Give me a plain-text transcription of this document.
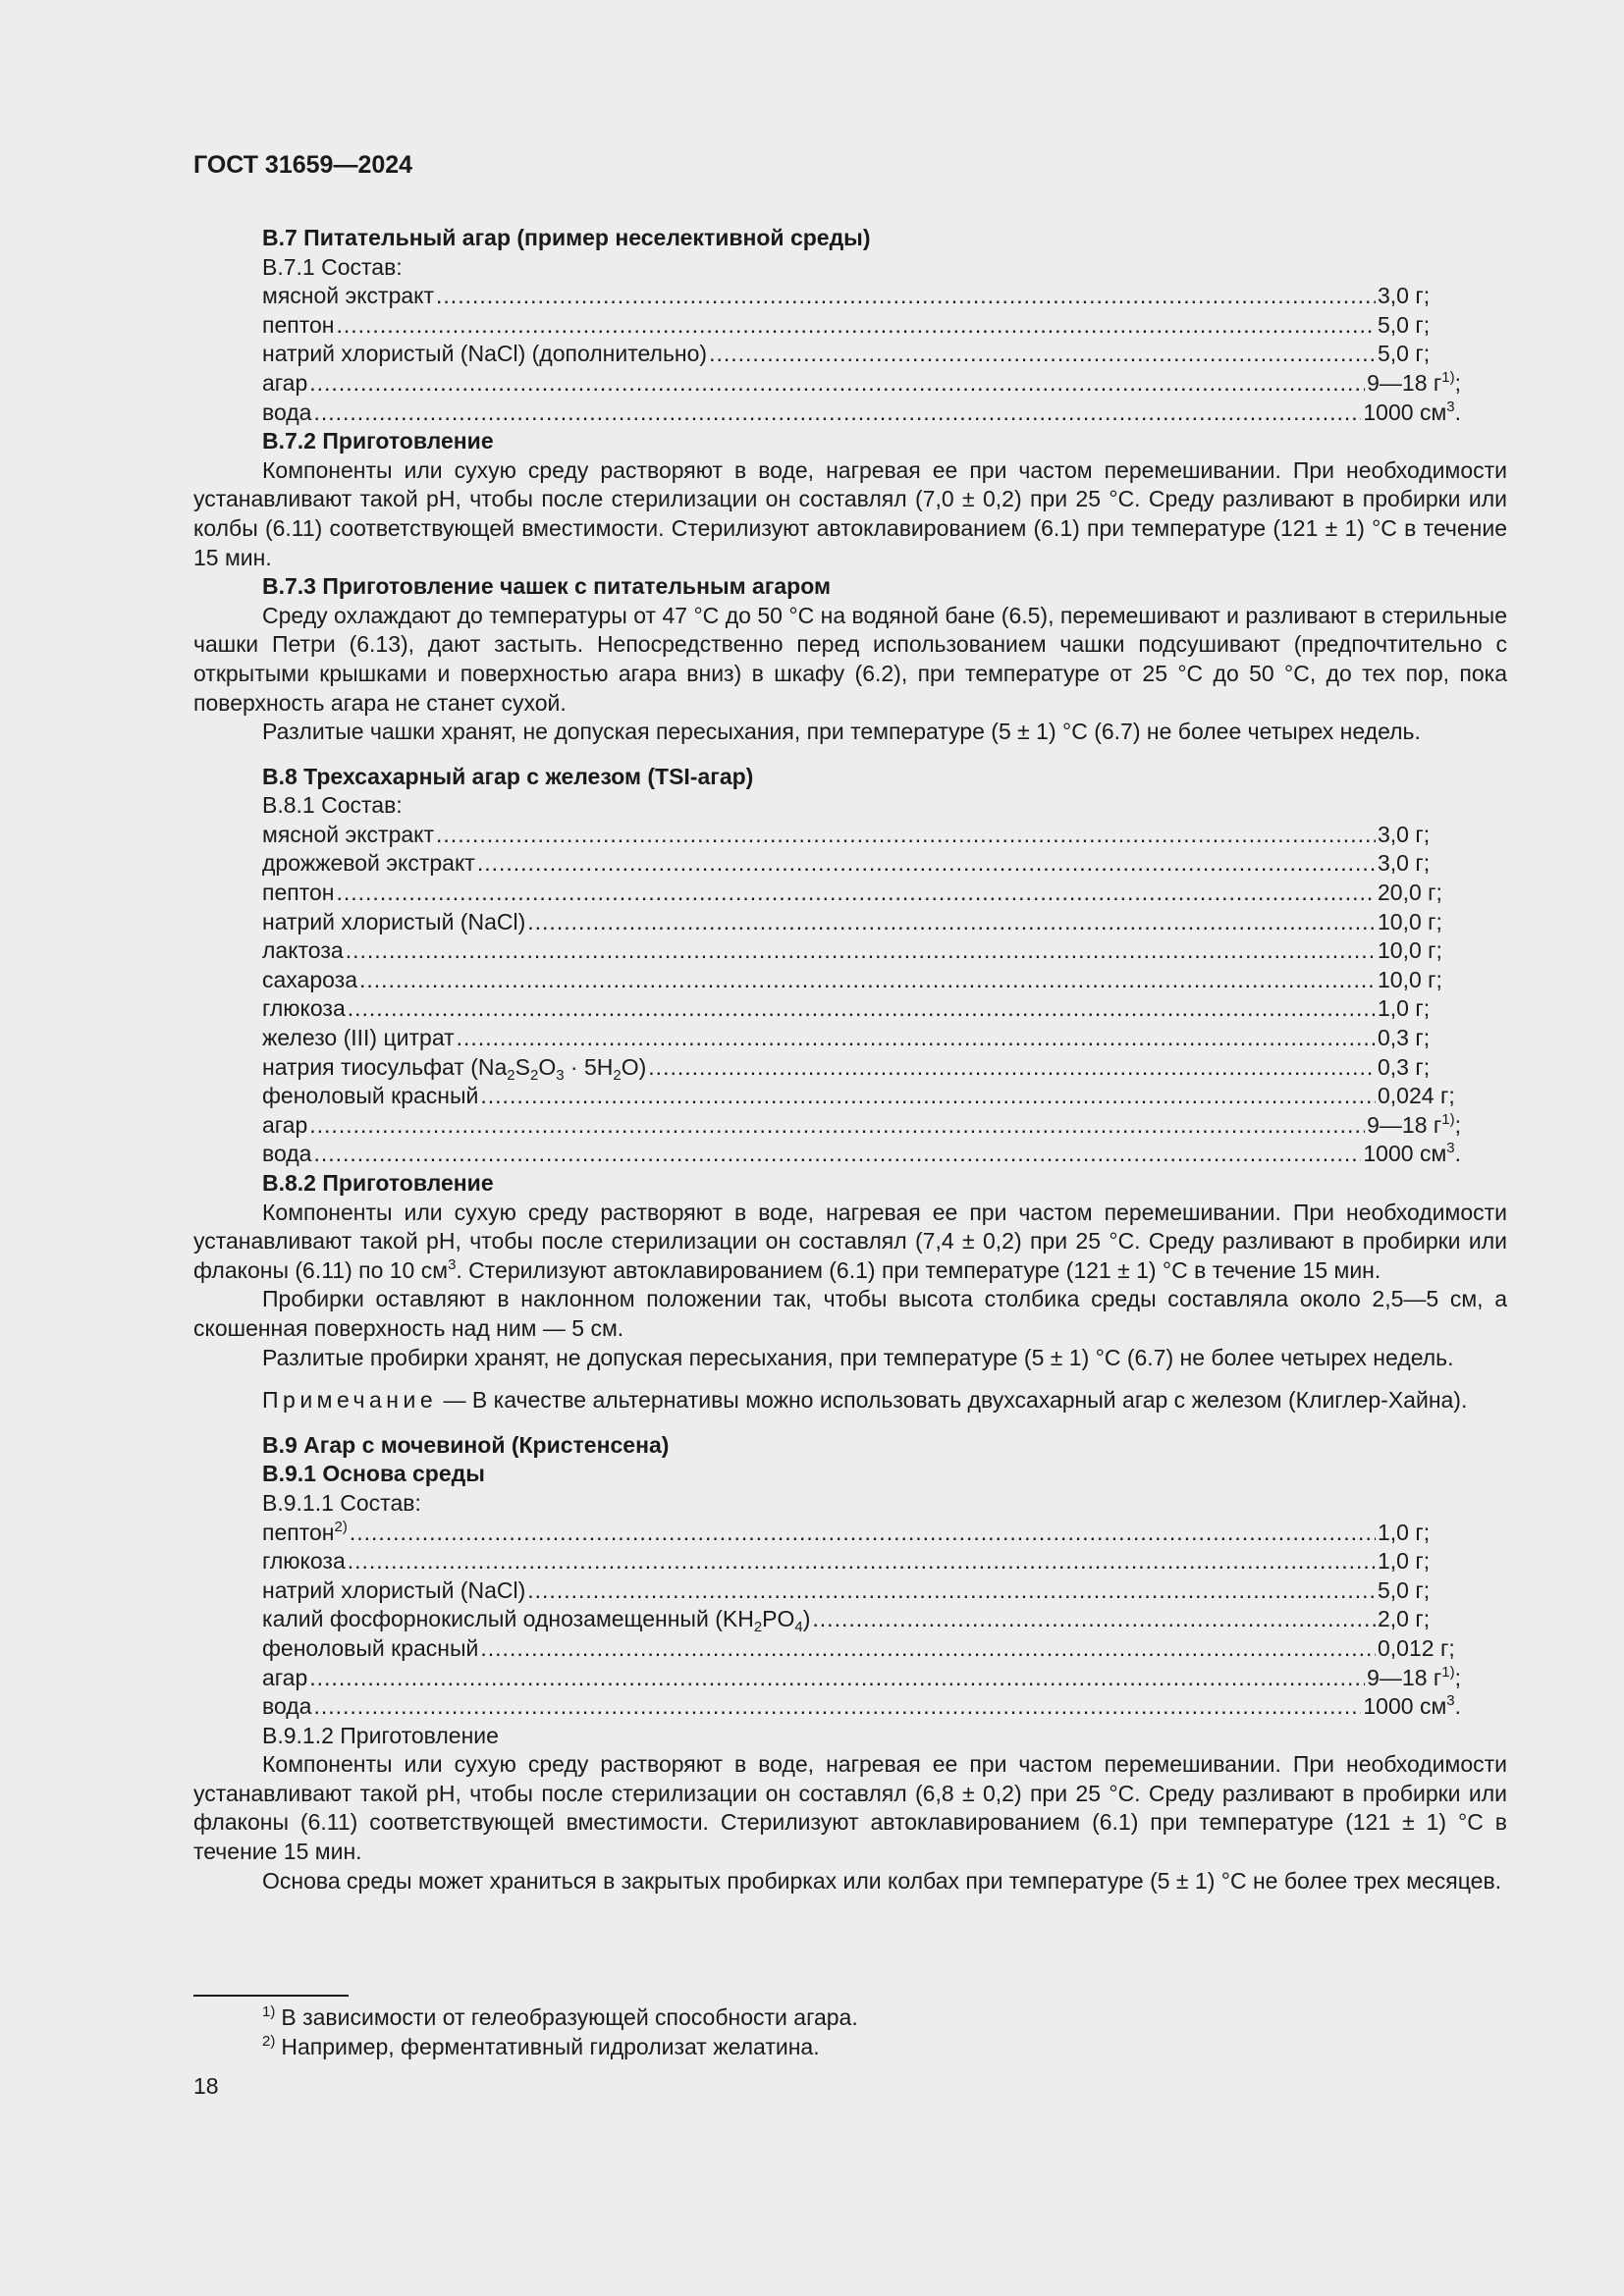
ГОСТ 31659—2024

В.7 Питательный агар (пример неселективной среды)

В.7.1 Состав:

мясной экстракт .....	3,0 г;
пептон .....	5,0 г;
натрий хлористый (NaCl) (дополнительно) .....	5,0 г;
агар .....	9—18 $г^{1)}$;
вода .....	1000 $см^3$.

В.7.2 Приготовление

Компоненты или сухую среду растворяют в воде, нагревая ее при частом перемешивании. При необходимости устанавливают такой pH, чтобы после стерилизации он составлял (7,0 ± 0,2) при 25 °C. Среду разливают в пробирки или колбы (6.11) соответствующей вместимости. Стерилизуют автоклавированием (6.1) при температуре (121 ± 1) °C в течение 15 мин.

В.7.3 Приготовление чашек с питательным агаром

Среду охлаждают до температуры от 47 °C до 50 °C на водяной бане (6.5), перемешивают и разливают в стерильные чашки Петри (6.13), дают застыть. Непосредственно перед использованием чашки подсушивают (предпочтительно с открытыми крышками и поверхностью агара вниз) в шкафу (6.2), при температуре от 25 °C до 50 °C, до тех пор, пока поверхность агара не станет сухой.

Разлитые чашки хранят, не допуская пересыхания, при температуре (5 ± 1) °C (6.7) не более четырех недель.

В.8 Трехсахарный агар с железом (TSI-агар)

В.8.1 Состав:

мясной экстракт .....	3,0 г;
дрожжевой экстракт .....	3,0 г;
пептон .....	20,0 г;
натрий хлористый (NaCl) .....	10,0 г;
лактоза .....	10,0 г;
сахароза .....	10,0 г;
глюкоза .....	1,0 г;
железо (III) цитрат .....	0,3 г;
натрия тиосульфат $(Na_2S_2O_3 \cdot 5H_2O)$ .....	0,3 г;
феноловый красный .....	0,024 г;
агар .....	9—18 $г^{1)}$;
вода .....	1000 $см^3$.

В.8.2 Приготовление

Компоненты или сухую среду растворяют в воде, нагревая ее при частом перемешивании. При необходимости устанавливают такой pH, чтобы после стерилизации он составлял (7,4 ± 0,2) при 25 °C. Среду разливают в пробирки или флаконы (6.11) по 10 $см^3$. Стерилизуют автоклавированием (6.1) при температуре (121 ± 1) °C в течение 15 мин.

Пробирки оставляют в наклонном положении так, чтобы высота столбика среды составляла около 2,5—5 см, а скошенная поверхность над ним — 5 см.

Разлитые пробирки хранят, не допуская пересыхания, при температуре (5 ± 1) °C (6.7) не более четырех недель.

Примечание — В качестве альтернативы можно использовать двухсахарный агар с железом (Клиглер-Хайна).

В.9 Агар с мочевиной (Кристенсена)

В.9.1 Основа среды

В.9.1.1 Состав:

пептон$^{2)}$ .....	1,0 г;
глюкоза .....	1,0 г;
натрий хлористый (NaCl) .....	5,0 г;
калий фосфорнокислый однозамещенный $(KH_2PO_4)$ .....	2,0 г;
феноловый красный .....	0,012 г;
агар .....	9—18 $г^{1)}$;
вода .....	1000 $см^3$.

В.9.1.2 Приготовление

Компоненты или сухую среду растворяют в воде, нагревая ее при частом перемешивании. При необходимости устанавливают такой pH, чтобы после стерилизации он составлял (6,8 ± 0,2) при 25 °C. Среду разливают в пробирки или флаконы (6.11) соответствующей вместимости. Стерилизуют автоклавированием (6.1) при температуре (121 ± 1) °C в течение 15 мин.

Основа среды может храниться в закрытых пробирках или колбах при температуре (5 ± 1) °C не более трех месяцев.

$^{1)}$ В зависимости от гелеобразующей способности агара.
$^{2)}$ Например, ферментативный гидролизат желатина.
18
